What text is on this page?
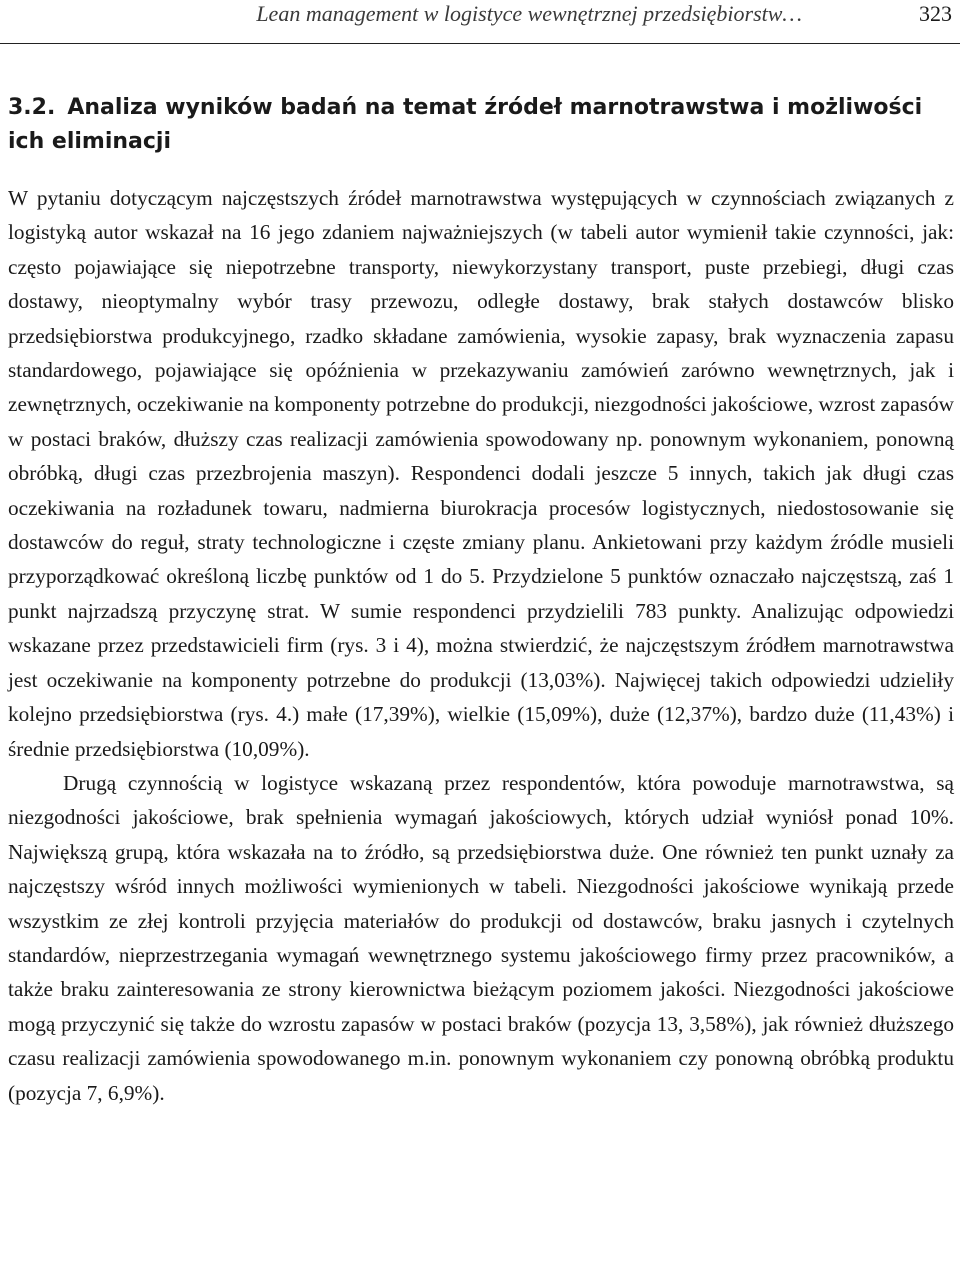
Lean management w logistyce wewnętrznej przedsiębiorstw…	323
3.2. Analiza wyników badań na temat źródeł marnotrawstwa i możliwości ich eliminacji

W pytaniu dotyczącym najczęstszych źródeł marnotrawstwa występujących w czynnościach związanych z logistyką autor wskazał na 16 jego zdaniem najważniejszych (w tabeli autor wymienił takie czynności, jak: często pojawiające się niepotrzebne transporty, niewykorzystany transport, puste przebiegi, długi czas dostawy, nieoptymalny wybór trasy przewozu, odległe dostawy, brak stałych dostawców blisko przedsiębiorstwa produkcyjnego, rzadko składane zamówienia, wysokie zapasy, brak wyznaczenia zapasu standardowego, pojawiające się opóźnienia w przekazywaniu zamówień zarówno wewnętrznych, jak i zewnętrznych, oczekiwanie na komponenty potrzebne do produkcji, niezgodności jakościowe, wzrost zapasów w postaci braków, dłuższy czas realizacji zamówienia spowodowany np. ponownym wykonaniem, ponowną obróbką, długi czas przezbrojenia maszyn). Respondenci dodali jeszcze 5 innych, takich jak długi czas oczekiwania na rozładunek towaru, nadmierna biurokracja procesów logistycznych, niedostosowanie się dostawców do reguł, straty technologiczne i częste zmiany planu. Ankietowani przy każdym źródle musieli przyporządkować określoną liczbę punktów od 1 do 5. Przydzielone 5 punktów oznaczało najczęstszą, zaś 1 punkt najrzadszą przyczynę strat. W sumie respondenci przydzielili 783 punkty. Analizując odpowiedzi wskazane przez przedstawicieli firm (rys. 3 i 4), można stwierdzić, że najczęstszym źródłem marnotrawstwa jest oczekiwanie na komponenty potrzebne do produkcji (13,03%). Najwięcej takich odpowiedzi udzieliły kolejno przedsiębiorstwa (rys. 4.) małe (17,39%), wielkie (15,09%), duże (12,37%), bardzo duże (11,43%) i średnie przedsiębiorstwa (10,09%).

Drugą czynnością w logistyce wskazaną przez respondentów, która powoduje marnotrawstwa, są niezgodności jakościowe, brak spełnienia wymagań jakościowych, których udział wyniósł ponad 10%. Największą grupą, która wskazała na to źródło, są przedsiębiorstwa duże. One również ten punkt uznały za najczęstszy wśród innych możliwości wymienionych w tabeli. Niezgodności jakościowe wynikają przede wszystkim ze złej kontroli przyjęcia materiałów do produkcji od dostawców, braku jasnych i czytelnych standardów, nieprzestrzegania wymagań wewnętrznego systemu jakościowego firmy przez pracowników, a także braku zainteresowania ze strony kierownictwa bieżącym poziomem jakości. Niezgodności jakościowe mogą przyczynić się także do wzrostu zapasów w postaci braków (pozycja 13, 3,58%), jak również dłuższego czasu realizacji zamówienia spowodowanego m.in. ponownym wykonaniem czy ponowną obróbką produktu (pozycja 7, 6,9%).
